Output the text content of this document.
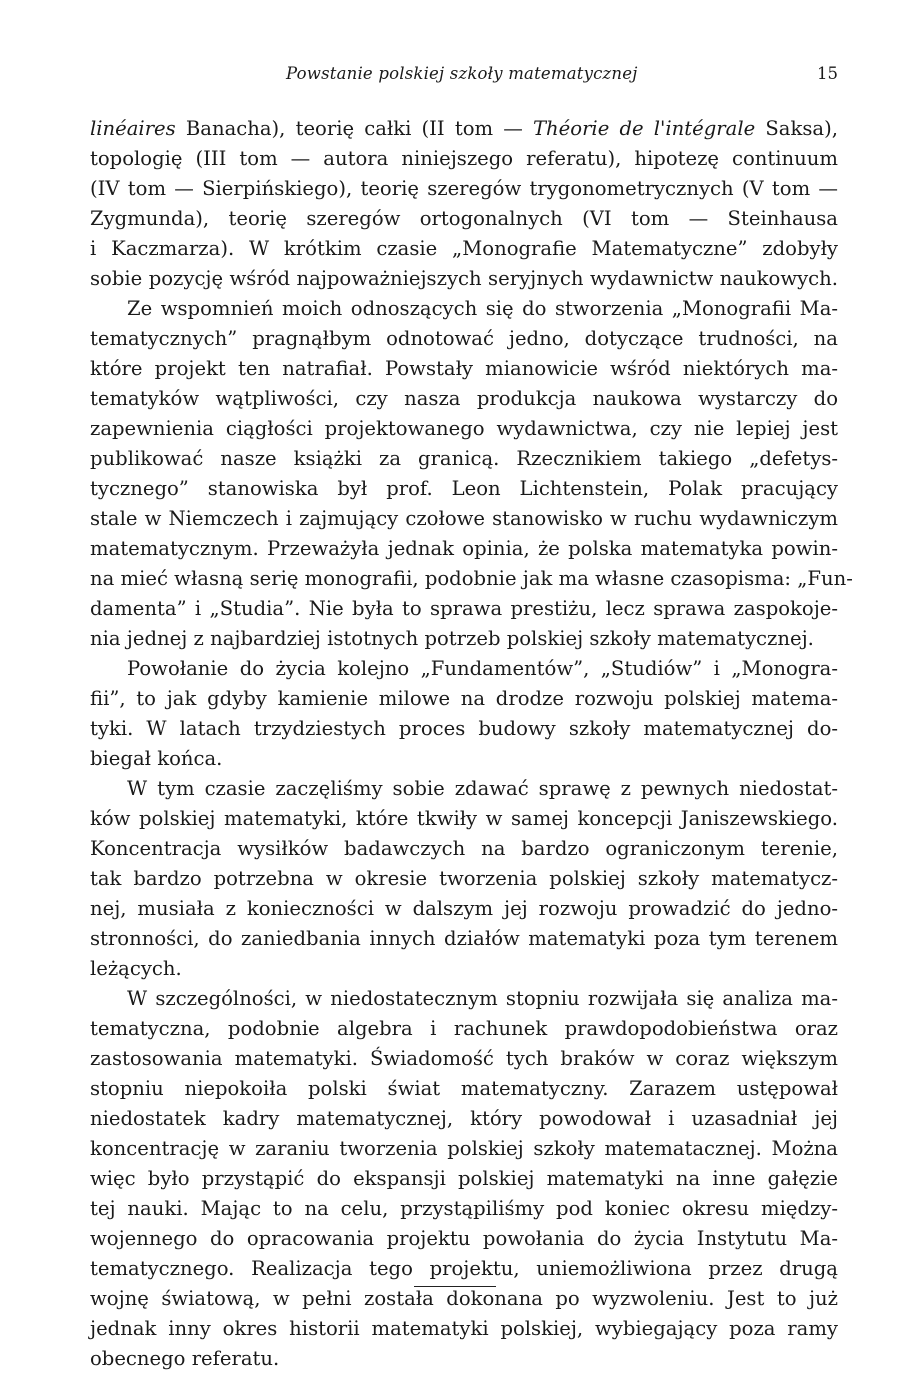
Powstanie polskiej szkoły matematycznej	15
linéaires Banacha), teorię całki (II tom — Théorie de l'intégrale Saksa),
topologię (III tom — autora niniejszego referatu), hipotezę continuum
(IV tom — Sierpińskiego), teorię szeregów trygonometrycznych (V tom —
Zygmunda), teorię szeregów ortogonalnych (VI tom — Steinhausa
i Kaczmarza). W krótkim czasie „Monografie Matematyczne” zdobyły
sobie pozycję wśród najpoważniejszych seryjnych wydawnictw naukowych.
Ze wspomnień moich odnoszących się do stworzenia „Monografii Ma-
tematycznych” pragnąłbym odnotować jedno, dotyczące trudności, na
które projekt ten natrafiał. Powstały mianowicie wśród niektórych ma-
tematyków wątpliwości, czy nasza produkcja naukowa wystarczy do
zapewnienia ciągłości projektowanego wydawnictwa, czy nie lepiej jest
publikować nasze książki za granicą. Rzecznikiem takiego „defetys-
tycznego” stanowiska był prof. Leon Lichtenstein, Polak pracujący
stale w Niemczech i zajmujący czołowe stanowisko w ruchu wydawniczym
matematycznym. Przeważyła jednak opinia, że polska matematyka powin-
na mieć własną serię monografii, podobnie jak ma własne czasopisma: „Fun-
damenta” i „Studia”. Nie była to sprawa prestiżu, lecz sprawa zaspokoje-
nia jednej z najbardziej istotnych potrzeb polskiej szkoły matematycznej.
Powołanie do życia kolejno „Fundamentów”, „Studiów” i „Monogra-
fii”, to jak gdyby kamienie milowe na drodze rozwoju polskiej matema-
tyki. W latach trzydziestych proces budowy szkoły matematycznej do-
biegał końca.
W tym czasie zaczęliśmy sobie zdawać sprawę z pewnych niedostat-
ków polskiej matematyki, które tkwiły w samej koncepcji Janiszewskiego.
Koncentracja wysiłków badawczych na bardzo ograniczonym terenie,
tak bardzo potrzebna w okresie tworzenia polskiej szkoły matematycz-
nej, musiała z konieczności w dalszym jej rozwoju prowadzić do jedno-
stronności, do zaniedbania innych działów matematyki poza tym terenem
leżących.
W szczególności, w niedostatecznym stopniu rozwijała się analiza ma-
tematyczna, podobnie algebra i rachunek prawdopodobieństwa oraz
zastosowania matematyki. Świadomość tych braków w coraz większym
stopniu niepokoiła polski świat matematyczny. Zarazem ustępował
niedostatek kadry matematycznej, który powodował i uzasadniał jej
koncentrację w zaraniu tworzenia polskiej szkoły matematacznej. Można
więc było przystąpić do ekspansji polskiej matematyki na inne gałęzie
tej nauki. Mając to na celu, przystąpiliśmy pod koniec okresu między-
wojennego do opracowania projektu powołania do życia Instytutu Ma-
tematycznego. Realizacja tego projektu, uniemożliwiona przez drugą
wojnę światową, w pełni została dokonana po wyzwoleniu. Jest to już
jednak inny okres historii matematyki polskiej, wybiegający poza ramy
obecnego referatu.
